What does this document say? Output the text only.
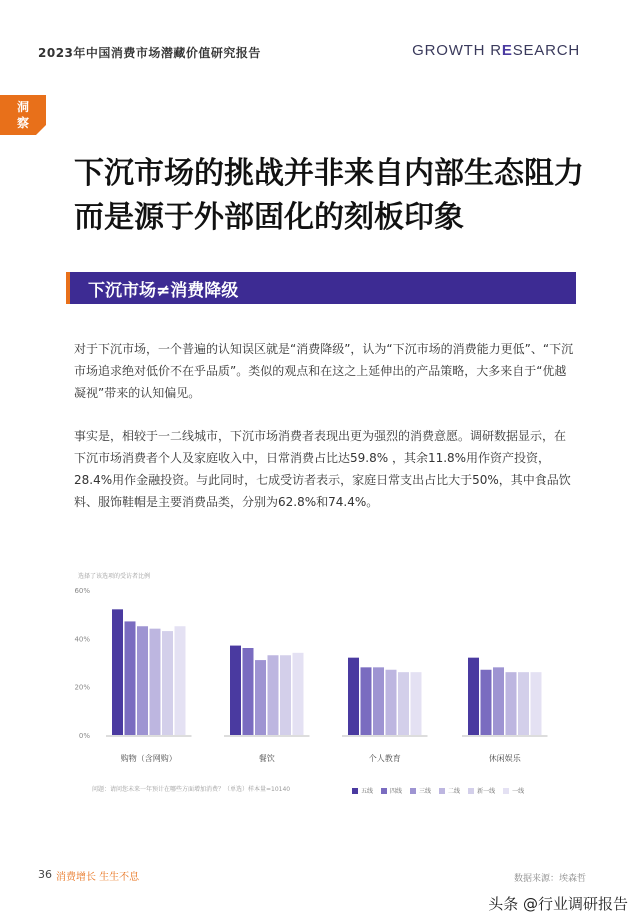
2023年中国消费市场潜藏价值研究报告	GROWTH RESEARCH
洞
察
下沉市场的挑战并非来自内部生态阻力
而是源于外部固化的刻板印象
下沉市场≠消费降级
对于下沉市场，一个普遍的认知误区就是“消费降级”，认为“下沉市场的消费能力更低”、“下沉市场追求绝对低价不在乎品质”。类似的观点和在这之上延伸出的产品策略，大多来自于“优越凝视”带来的认知偏见。
事实是，相较于一二线城市，下沉市场消费者表现出更为强烈的消费意愿。调研数据显示，在下沉市场消费者个人及家庭收入中，日常消费占比达59.8% ，其余11.8%用作资产投资，28.4%用作金融投资。与此同时，七成受访者表示，家庭日常支出占比大于50%，其中食品饮料、服饰鞋帽是主要消费品类，分别为62.8%和74.4%。
选择了该选项的受访者比例
0%
20%
40%
60%
购物（含网购）	餐饮	个人教育	休闲娱乐
问题：请问您未来一年预计在哪些方面增加消费？（单选）样本量=10140	五线	四线	三线	二线	新一线	一线
36 消费增长 生生不息	数据来源：埃森哲
头条 @行业调研报告
